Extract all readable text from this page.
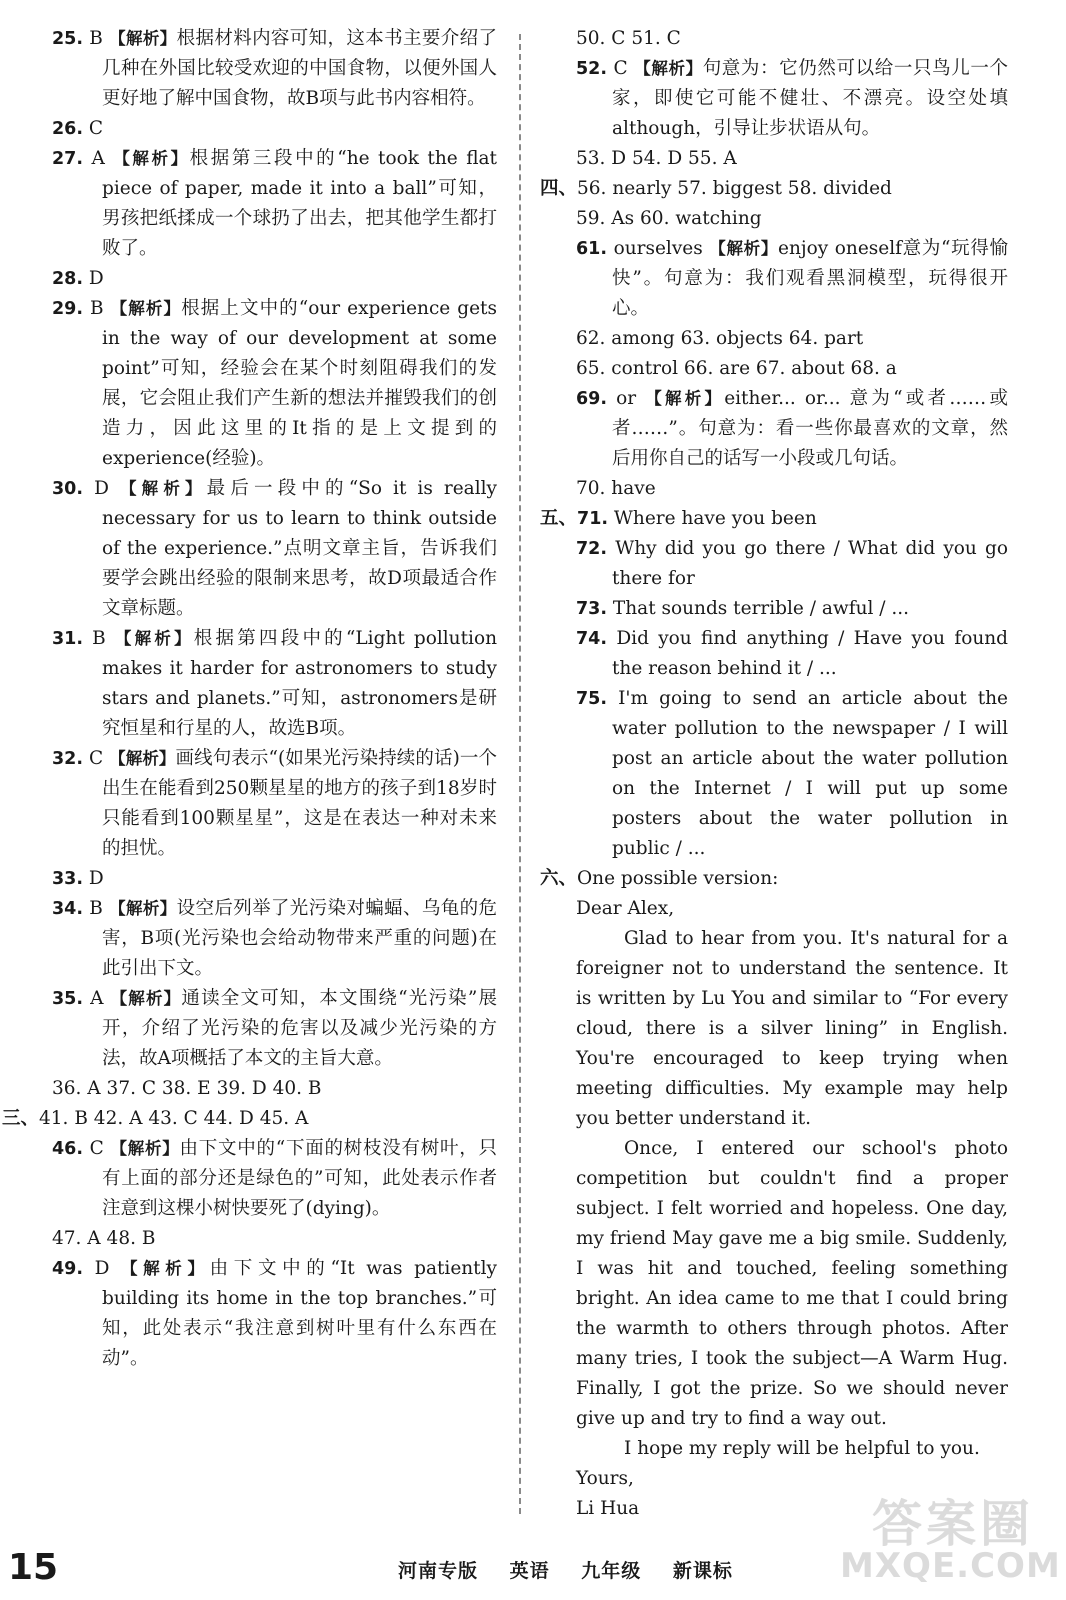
25. B 【解析】根据材料内容可知，这本书主要介绍了几种在外国比较受欢迎的中国食物，以便外国人更好地了解中国食物，故B项与此书内容相符。
26. C
27. A 【解析】根据第三段中的“he took the flat piece of paper, made it into a ball”可知，男孩把纸揉成一个球扔了出去，把其他学生都打败了。
28. D
29. B 【解析】根据上文中的“our experience gets in the way of our development at some point”可知，经验会在某个时刻阻碍我们的发展，它会阻止我们产生新的想法并摧毁我们的创造力，因此这里的It指的是上文提到的experience(经验)。
30. D 【解析】最后一段中的“So it is really necessary for us to learn to think outside of the experience.”点明文章主旨，告诉我们要学会跳出经验的限制来思考，故D项最适合作文章标题。
31. B 【解析】根据第四段中的“Light pollution makes it harder for astronomers to study stars and planets.”可知，astronomers是研究恒星和行星的人，故选B项。
32. C 【解析】画线句表示“(如果光污染持续的话)一个出生在能看到250颗星星的地方的孩子到18岁时只能看到100颗星星”，这是在表达一种对未来的担忧。
33. D
34. B 【解析】设空后列举了光污染对蝙蝠、乌龟的危害，B项(光污染也会给动物带来严重的问题)在此引出下文。
35. A 【解析】通读全文可知，本文围绕“光污染”展开，介绍了光污染的危害以及减少光污染的方法，故A项概括了本文的主旨大意。
36. A 37. C 38. E 39. D 40. B
三、41. B 42. A 43. C 44. D 45. A
46. C 【解析】由下文中的“下面的树枝没有树叶，只有上面的部分还是绿色的”可知，此处表示作者注意到这棵小树快要死了(dying)。
47. A 48. B
49. D 【解析】由下文中的“It was patiently building its home in the top branches.”可知，此处表示“我注意到树叶里有什么东西在动”。
50. C 51. C
52. C 【解析】句意为：它仍然可以给一只鸟儿一个家，即使它可能不健壮、不漂亮。设空处填although，引导让步状语从句。
53. D 54. D 55. A
四、56. nearly 57. biggest 58. divided
59. As 60. watching
61. ourselves 【解析】enjoy oneself意为“玩得愉快”。句意为：我们观看黑洞模型，玩得很开心。
62. among 63. objects 64. part
65. control 66. are 67. about 68. a
69. or 【解析】either... or... 意为“或者……或者……”。句意为：看一些你最喜欢的文章，然后用你自己的话写一小段或几句话。
70. have
五、71. Where have you been
72. Why did you go there / What did you go there for
73. That sounds terrible / awful / ...
74. Did you find anything / Have you found the reason behind it / ...
75. I'm going to send an article about the water pollution to the newspaper / I will post an article about the water pollution on the Internet / I will put up some posters about the water pollution in public / ...
六、One possible version:

Dear Alex,

Glad to hear from you. It's natural for a foreigner not to understand the sentence. It is written by Lu You and similar to “For every cloud, there is a silver lining” in English. You're encouraged to keep trying when meeting difficulties. My example may help you better understand it.

Once, I entered our school's photo competition but couldn't find a proper subject. I felt worried and hopeless. One day, my friend May gave me a big smile. Suddenly, I was hit and touched, feeling something bright. An idea came to me that I could bring the warmth to others through photos. After many tries, I took the subject—A Warm Hug. Finally, I got the prize. So we should never give up and try to find a way out.

I hope my reply will be helpful to you.

Yours,

Li Hua

15	河南专版 英语 九年级 新课标
答案圈
MXQE.COM
